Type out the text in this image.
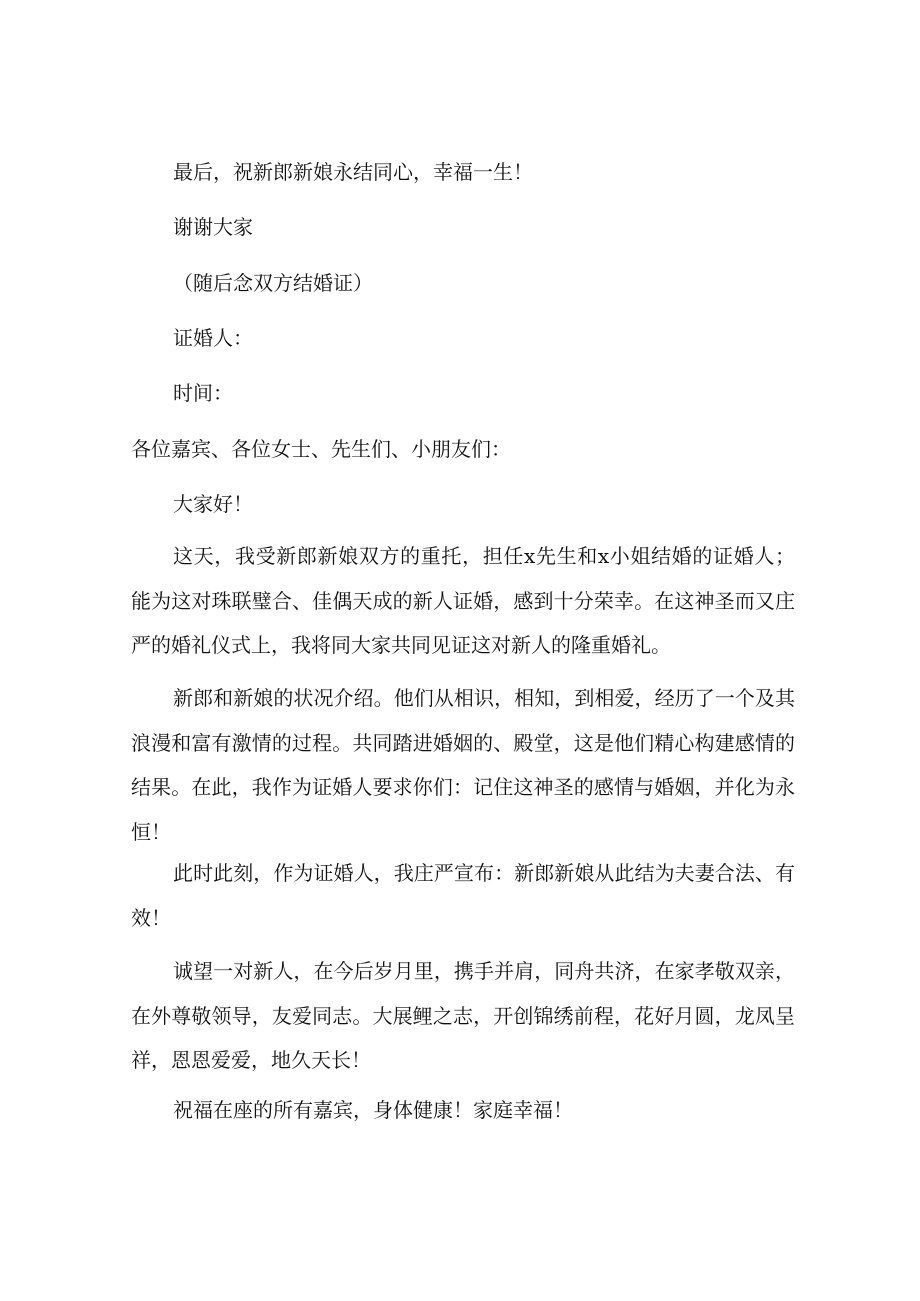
最后，祝新郎新娘永结同心，幸福一生！

谢谢大家

（随后念双方结婚证）

证婚人：

时间：

各位嘉宾、各位女士、先生们、小朋友们：

大家好！

这天，我受新郎新娘双方的重托，担任x先生和x小姐结婚的证婚人；能为这对珠联璧合、佳偶天成的新人证婚，感到十分荣幸。在这神圣而又庄严的婚礼仪式上，我将同大家共同见证这对新人的隆重婚礼。

新郎和新娘的状况介绍。他们从相识，相知，到相爱，经历了一个及其浪漫和富有激情的过程。共同踏进婚姻的、殿堂，这是他们精心构建感情的结果。在此，我作为证婚人要求你们：记住这神圣的感情与婚姻，并化为永恒！

此时此刻，作为证婚人，我庄严宣布：新郎新娘从此结为夫妻合法、有效！

诚望一对新人，在今后岁月里，携手并肩，同舟共济，在家孝敬双亲，在外尊敬领导，友爱同志。大展鲤之志，开创锦绣前程，花好月圆，龙凤呈祥，恩恩爱爱，地久天长！

祝福在座的所有嘉宾，身体健康！家庭幸福！
